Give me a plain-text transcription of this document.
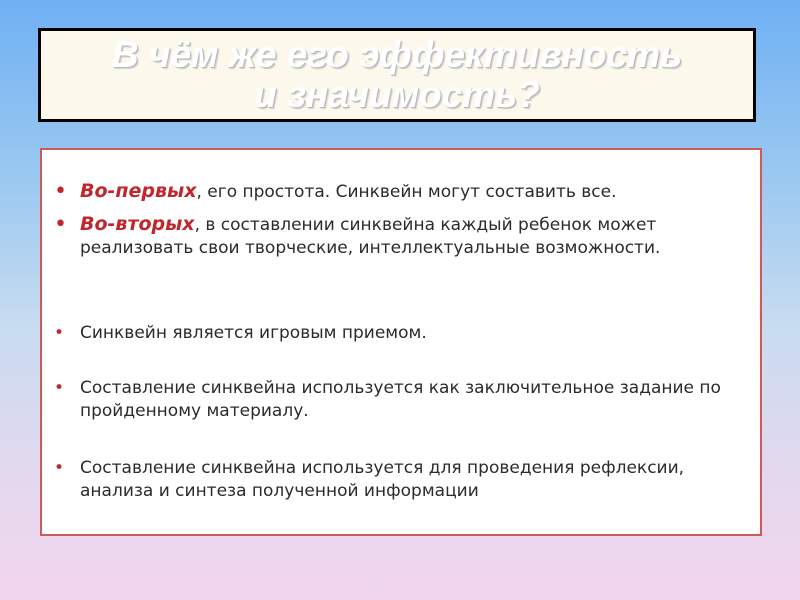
В чём же его эффективность
и значимость?
• Во-первых, его простота. Синквейн могут составить все.
• Во-вторых, в составлении синквейна каждый ребенок может реализовать свои творческие, интеллектуальные возможности.
• Синквейн является игровым приемом.
• Составление синквейна используется как заключительное задание по пройденному материалу.
• Составление синквейна используется для проведения рефлексии, анализа и синтеза полученной информации
